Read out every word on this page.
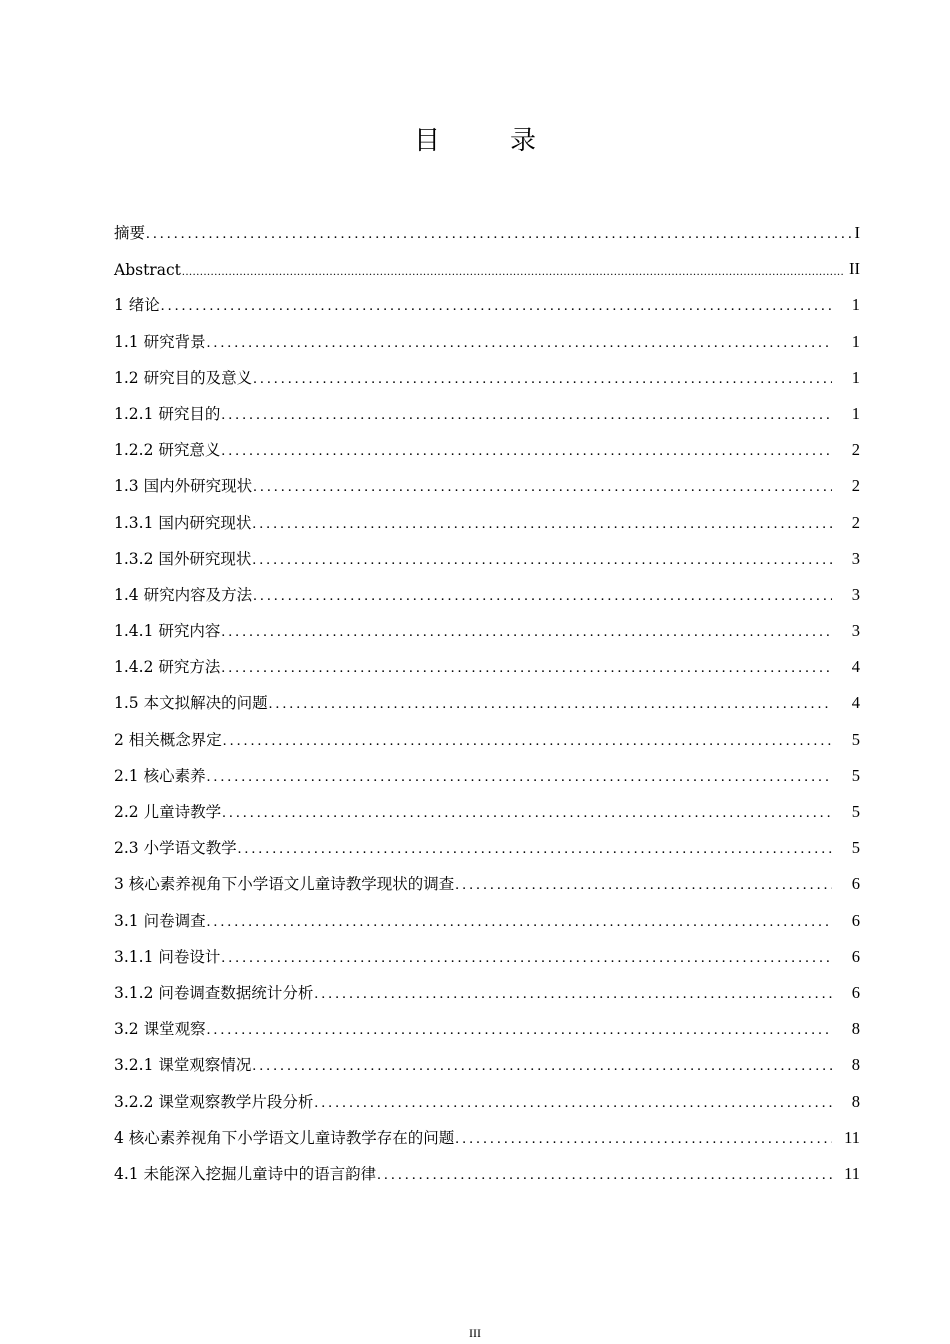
目　录
摘要 .....	I
Abstract .....	II
1 绪论 .....	1
1.1 研究背景 .....	1
1.2 研究目的及意义 .....	1
1.2.1 研究目的 .....	1
1.2.2 研究意义 .....	2
1.3 国内外研究现状 .....	2
1.3.1 国内研究现状 .....	2
1.3.2 国外研究现状 .....	3
1.4 研究内容及方法 .....	3
1.4.1 研究内容 .....	3
1.4.2 研究方法 .....	4
1.5 本文拟解决的问题 .....	4
2 相关概念界定 .....	5
2.1 核心素养 .....	5
2.2 儿童诗教学 .....	5
2.3 小学语文教学 .....	5
3 核心素养视角下小学语文儿童诗教学现状的调查 .....	6
3.1 问卷调查 .....	6
3.1.1 问卷设计 .....	6
3.1.2 问卷调查数据统计分析 .....	6
3.2 课堂观察 .....	8
3.2.1 课堂观察情况 .....	8
3.2.2 课堂观察教学片段分析 .....	8
4 核心素养视角下小学语文儿童诗教学存在的问题 .....	11
4.1 未能深入挖掘儿童诗中的语言韵律 .....	11
III
